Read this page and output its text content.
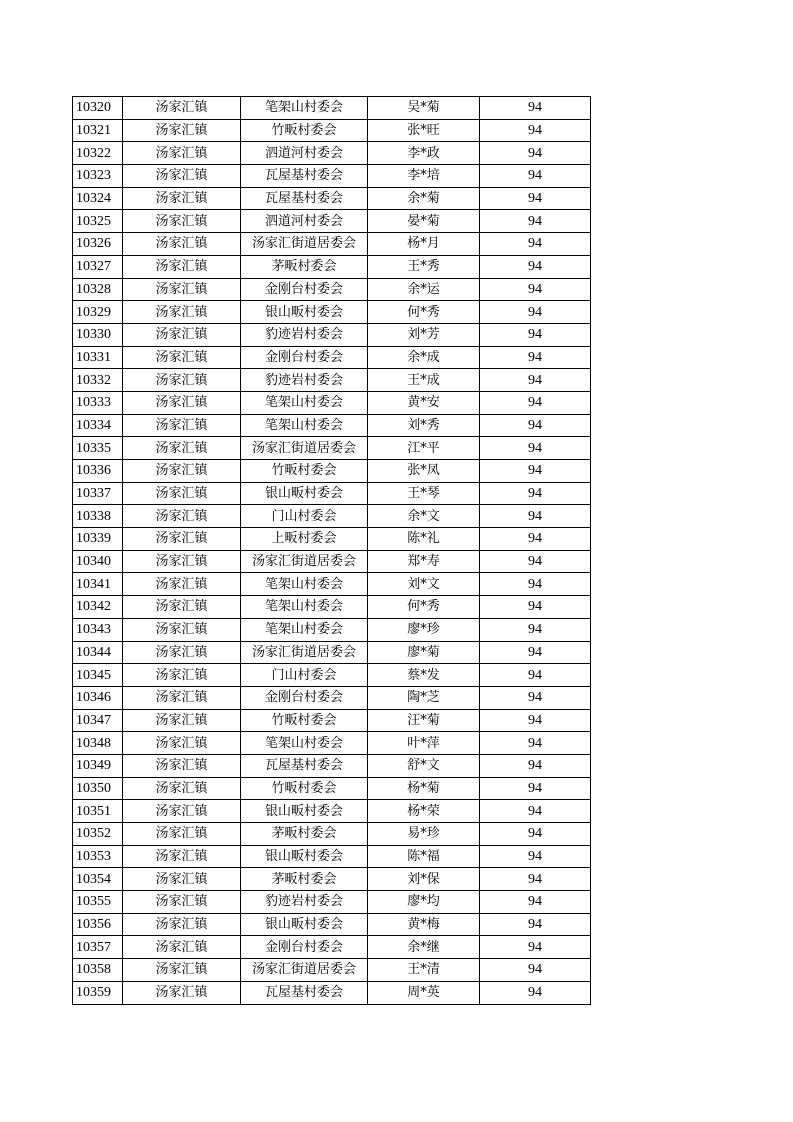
10320	汤家汇镇	笔架山村委会	吴*菊	94
10321	汤家汇镇	竹畈村委会	张*旺	94
10322	汤家汇镇	泗道河村委会	李*政	94
10323	汤家汇镇	瓦屋基村委会	李*培	94
10324	汤家汇镇	瓦屋基村委会	余*菊	94
10325	汤家汇镇	泗道河村委会	晏*菊	94
10326	汤家汇镇	汤家汇街道居委会	杨*月	94
10327	汤家汇镇	茅畈村委会	王*秀	94
10328	汤家汇镇	金刚台村委会	余*运	94
10329	汤家汇镇	银山畈村委会	何*秀	94
10330	汤家汇镇	豹迹岩村委会	刘*芳	94
10331	汤家汇镇	金刚台村委会	余*成	94
10332	汤家汇镇	豹迹岩村委会	王*成	94
10333	汤家汇镇	笔架山村委会	黄*安	94
10334	汤家汇镇	笔架山村委会	刘*秀	94
10335	汤家汇镇	汤家汇街道居委会	江*平	94
10336	汤家汇镇	竹畈村委会	张*凤	94
10337	汤家汇镇	银山畈村委会	王*琴	94
10338	汤家汇镇	门山村委会	余*文	94
10339	汤家汇镇	上畈村委会	陈*礼	94
10340	汤家汇镇	汤家汇街道居委会	郑*寿	94
10341	汤家汇镇	笔架山村委会	刘*文	94
10342	汤家汇镇	笔架山村委会	何*秀	94
10343	汤家汇镇	笔架山村委会	廖*珍	94
10344	汤家汇镇	汤家汇街道居委会	廖*菊	94
10345	汤家汇镇	门山村委会	蔡*发	94
10346	汤家汇镇	金刚台村委会	陶*芝	94
10347	汤家汇镇	竹畈村委会	汪*菊	94
10348	汤家汇镇	笔架山村委会	叶*萍	94
10349	汤家汇镇	瓦屋基村委会	舒*文	94
10350	汤家汇镇	竹畈村委会	杨*菊	94
10351	汤家汇镇	银山畈村委会	杨*荣	94
10352	汤家汇镇	茅畈村委会	易*珍	94
10353	汤家汇镇	银山畈村委会	陈*福	94
10354	汤家汇镇	茅畈村委会	刘*保	94
10355	汤家汇镇	豹迹岩村委会	廖*均	94
10356	汤家汇镇	银山畈村委会	黄*梅	94
10357	汤家汇镇	金刚台村委会	余*继	94
10358	汤家汇镇	汤家汇街道居委会	王*清	94
10359	汤家汇镇	瓦屋基村委会	周*英	94
